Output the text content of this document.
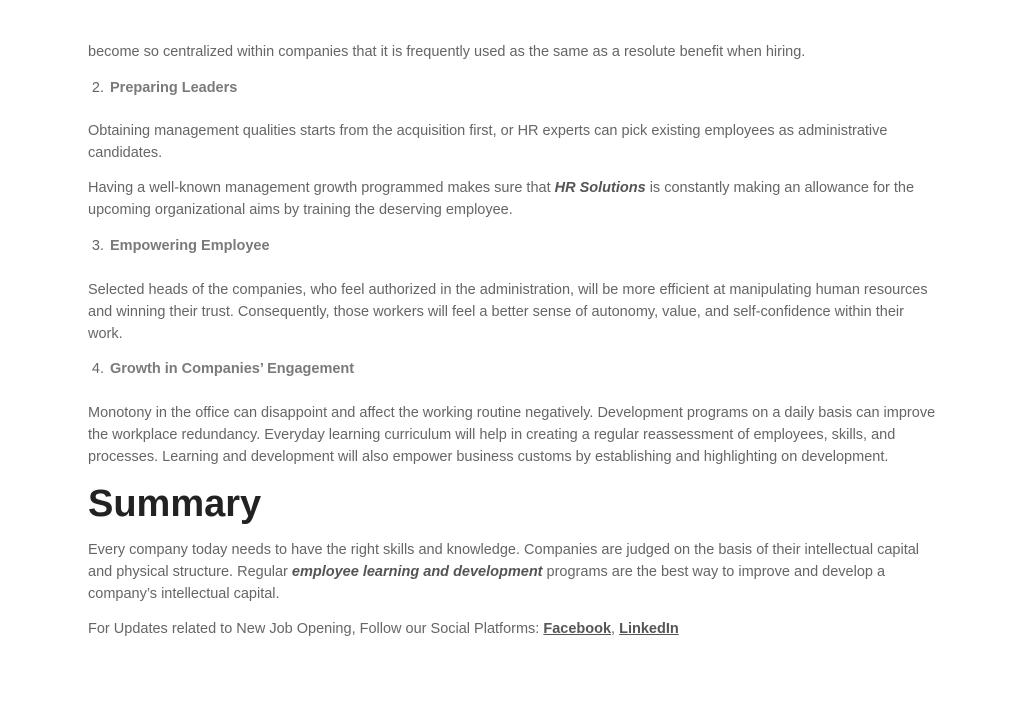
become so centralized within companies that it is frequently used as the same as a resolute benefit when hiring.

2. Preparing Leaders

Obtaining management qualities starts from the acquisition first, or HR experts can pick existing employees as administrative candidates.

Having a well-known management growth programmed makes sure that HR Solutions is constantly making an allowance for the upcoming organizational aims by training the deserving employee.

3. Empowering Employee

Selected heads of the companies, who feel authorized in the administration, will be more efficient at manipulating human resources and winning their trust. Consequently, those workers will feel a better sense of autonomy, value, and self-confidence within their work.

4. Growth in Companies’ Engagement

Monotony in the office can disappoint and affect the working routine negatively. Development programs on a daily basis can improve the workplace redundancy. Everyday learning curriculum will help in creating a regular reassessment of employees, skills, and processes. Learning and development will also empower business customs by establishing and highlighting on development.

Summary

Every company today needs to have the right skills and knowledge. Companies are judged on the basis of their intellectual capital and physical structure. Regular employee learning and development programs are the best way to improve and develop a company’s intellectual capital.

For Updates related to New Job Opening, Follow our Social Platforms: Facebook, LinkedIn
